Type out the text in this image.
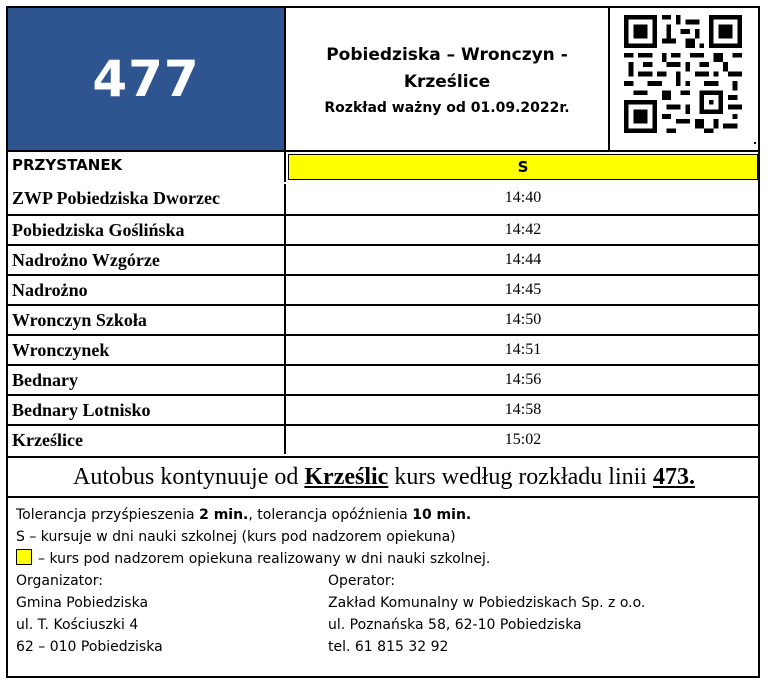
477	Pobiedziska – Wronczyn - Krześlice
Rozkład ważny od 01.09.2022r.
PRZYSTANEK	S
ZWP Pobiedziska Dworzec	14:40
Pobiedziska Goślińska	14:42
Nadrożno Wzgórze	14:44
Nadrożno	14:45
Wronczyn Szkoła	14:50
Wronczynek	14:51
Bednary	14:56
Bednary Lotnisko	14:58
Krześlice	15:02
Autobus kontynuuje od Krześlic kurs według rozkładu linii 473.
Tolerancja przyśpieszenia 2 min., tolerancja opóźnienia 10 min.
S – kursuje w dni nauki szkolnej (kurs pod nadzorem opiekuna)
– kurs pod nadzorem opiekuna realizowany w dni nauki szkolnej.
Organizator:
Gmina Pobiedziska
ul. T. Kościuszki 4
62 – 010 Pobiedziska
Operator:
Zakład Komunalny w Pobiedziskach Sp. z o.o.
ul. Poznańska 58, 62-10 Pobiedziska
tel. 61 815 32 92
